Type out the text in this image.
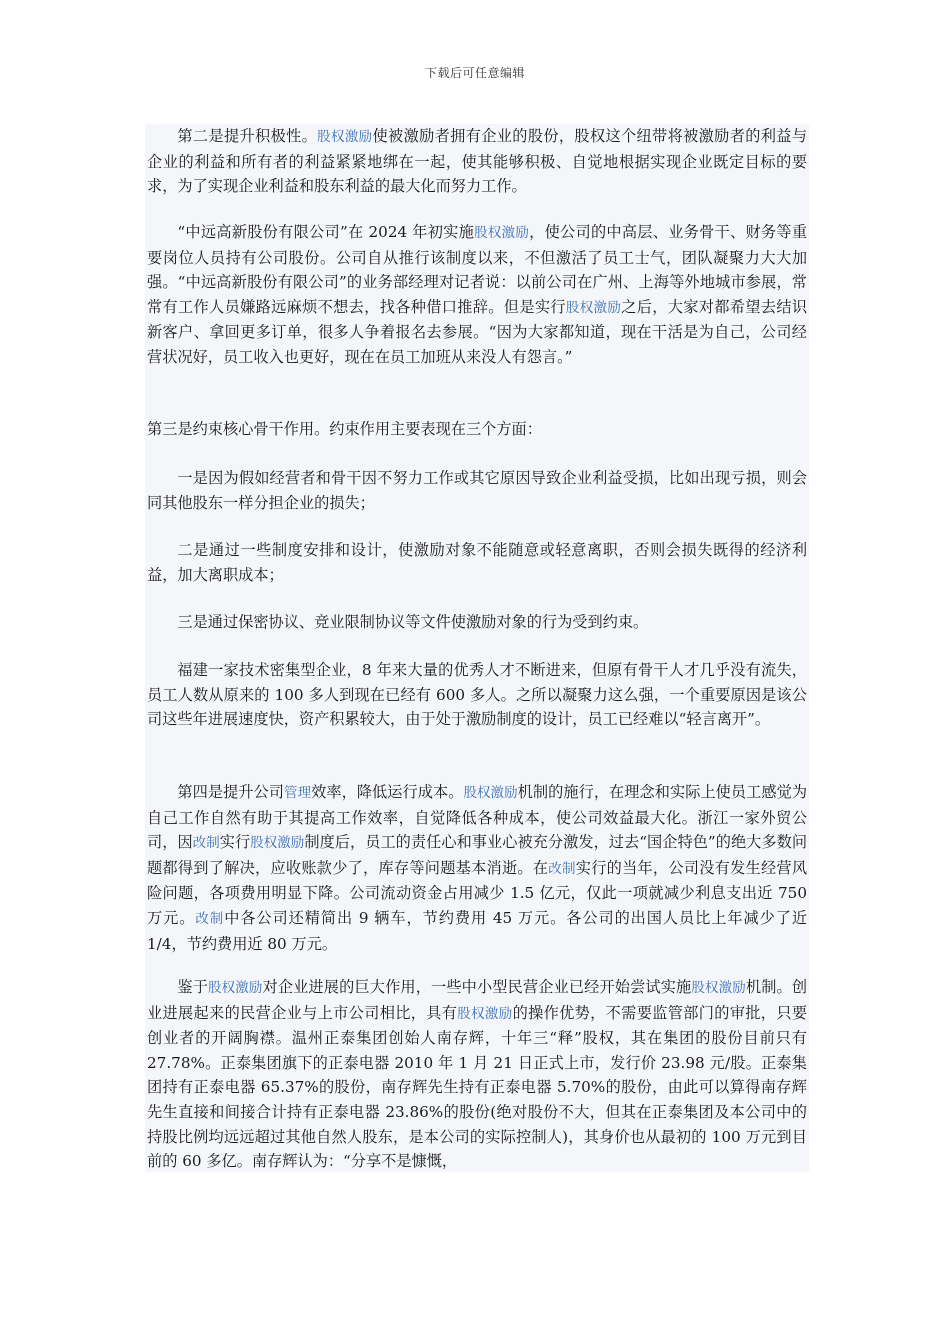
下载后可任意编辑

第二是提升积极性。股权激励使被激励者拥有企业的股份，股权这个纽带将被激励者的利益与企业的利益和所有者的利益紧紧地绑在一起，使其能够积极、自觉地根据实现企业既定目标的要求，为了实现企业利益和股东利益的最大化而努力工作。

“中远高新股份有限公司”在 2024 年初实施股权激励，使公司的中高层、业务骨干、财务等重要岗位人员持有公司股份。公司自从推行该制度以来，不但激活了员工士气，团队凝聚力大大加强。“中远高新股份有限公司”的业务部经理对记者说：以前公司在广州、上海等外地城市参展，常常有工作人员嫌路远麻烦不想去，找各种借口推辞。但是实行股权激励之后，大家对都希望去结识新客户、拿回更多订单，很多人争着报名去参展。“因为大家都知道，现在干活是为自己，公司经营状况好，员工收入也更好，现在在员工加班从来没人有怨言。”

第三是约束核心骨干作用。约束作用主要表现在三个方面：

一是因为假如经营者和骨干因不努力工作或其它原因导致企业利益受损，比如出现亏损，则会同其他股东一样分担企业的损失；

二是通过一些制度安排和设计，使激励对象不能随意或轻意离职，否则会损失既得的经济利益，加大离职成本；

三是通过保密协议、竞业限制协议等文件使激励对象的行为受到约束。

福建一家技术密集型企业，8 年来大量的优秀人才不断进来，但原有骨干人才几乎没有流失，员工人数从原来的 100 多人到现在已经有 600 多人。之所以凝聚力这么强，一个重要原因是该公司这些年进展速度快，资产积累较大，由于处于激励制度的设计，员工已经难以“轻言离开”。

第四是提升公司管理效率，降低运行成本。股权激励机制的施行，在理念和实际上使员工感觉为自己工作自然有助于其提高工作效率，自觉降低各种成本，使公司效益最大化。浙江一家外贸公司，因改制实行股权激励制度后，员工的责任心和事业心被充分激发，过去“国企特色”的绝大多数问题都得到了解决，应收账款少了，库存等问题基本消逝。在改制实行的当年，公司没有发生经营风险问题，各项费用明显下降。公司流动资金占用减少 1.5 亿元，仅此一项就减少利息支出近 750 万元。改制中各公司还精简出 9 辆车，节约费用 45 万元。各公司的出国人员比上年减少了近 1/4，节约费用近 80 万元。

鉴于股权激励对企业进展的巨大作用，一些中小型民营企业已经开始尝试实施股权激励机制。创业进展起来的民营企业与上市公司相比，具有股权激励的操作优势，不需要监管部门的审批，只要创业者的开阔胸襟。温州正泰集团创始人南存辉，十年三“释”股权，其在集团的股份目前只有 27.78%。正泰集团旗下的正泰电器 2010 年 1 月 21 日正式上市，发行价 23.98 元/股。正泰集团持有正泰电器 65.37%的股份，南存辉先生持有正泰电器 5.70%的股份，由此可以算得南存辉先生直接和间接合计持有正泰电器 23.86%的股份(绝对股份不大，但其在正泰集团及本公司中的持股比例均远远超过其他自然人股东，是本公司的实际控制人)，其身价也从最初的 100 万元到目前的 60 多亿。南存辉认为：“分享不是慷慨，
